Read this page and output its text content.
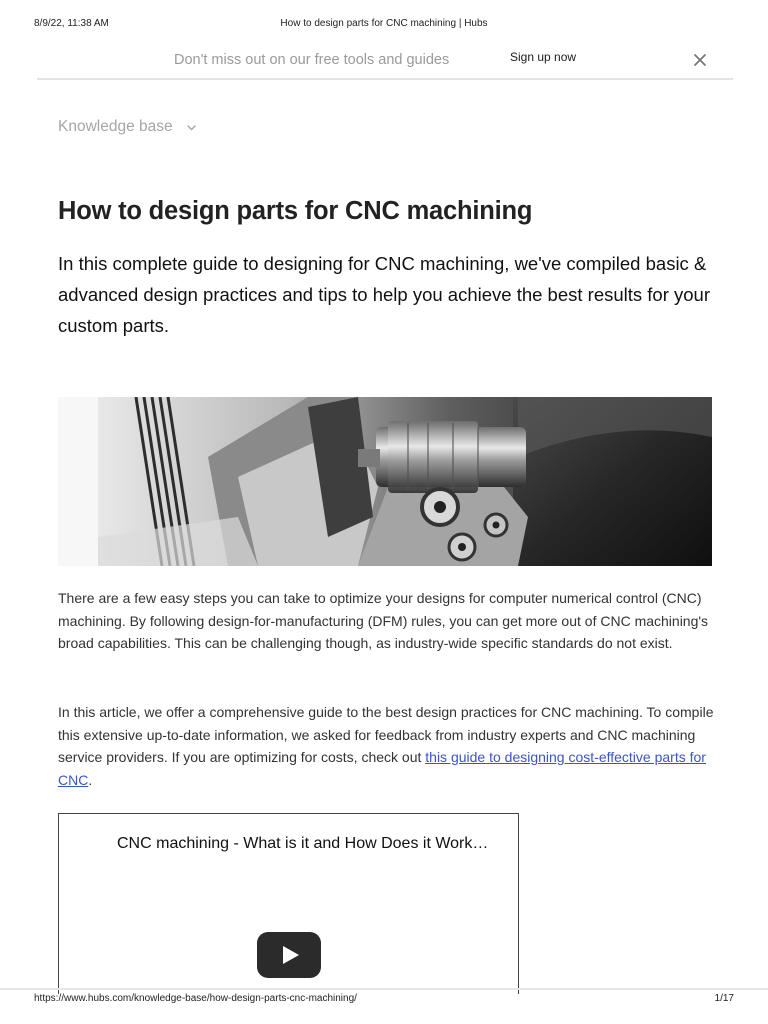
8/9/22, 11:38 AM	How to design parts for CNC machining | Hubs
Don't miss out on our free tools and guides	Sign up now
Knowledge base
How to design parts for CNC machining

In this complete guide to designing for CNC machining, we've compiled basic & advanced design practices and tips to help you achieve the best results for your custom parts.

There are a few easy steps you can take to optimize your designs for computer numerical control (CNC) machining. By following design-for-manufacturing (DFM) rules, you can get more out of CNC machining's broad capabilities. This can be challenging though, as industry-wide specific standards do not exist.

In this article, we offer a comprehensive guide to the best design practices for CNC machining. To compile this extensive up-to-date information, we asked for feedback from industry experts and CNC machining service providers. If you are optimizing for costs, check out this guide to designing cost-effective parts for CNC.

CNC machining - What is it and How Does it Work…
https://www.hubs.com/knowledge-base/how-design-parts-cnc-machining/	1/17
